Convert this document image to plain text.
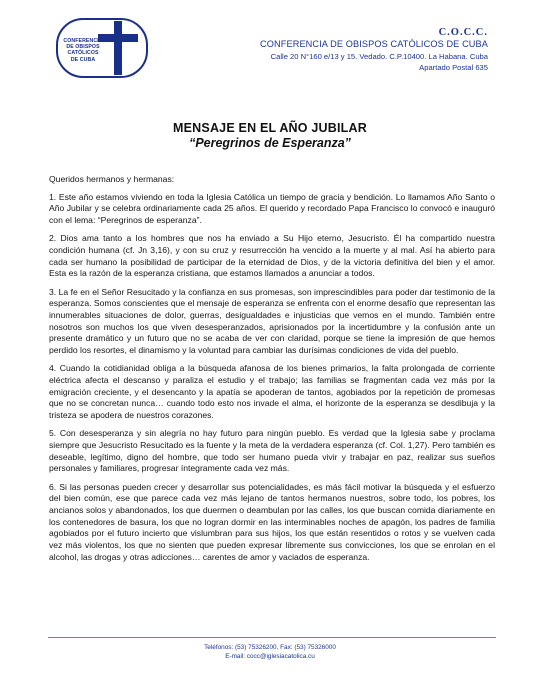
CONFERENCIA
DE OBISPOS
CATÓLICOS
DE CUBA
C.O.C.C.
CONFERENCIA DE OBISPOS CATÓLICOS DE CUBA
Calle 20 N°160 e/13 y 15. Vedado. C.P.10400. La Habana. Cuba
Apartado Postal 635
MENSAJE EN EL AÑO JUBILAR
“Peregrinos de Esperanza”

Queridos hermanos y hermanas:

1. Este año estamos viviendo en toda la Iglesia Católica un tiempo de gracia y bendición. Lo llamamos Año Santo o Año Jubilar y se celebra ordinariamente cada 25 años. El querido y recordado Papa Francisco lo convocó e inauguró con el lema: “Peregrinos de esperanza”.

2. Dios ama tanto a los hombres que nos ha enviado a Su Hijo eterno, Jesucristo. Él ha compartido nuestra condición humana (cf. Jn 3,16), y con su cruz y resurrección ha vencido a la muerte y al mal. Así ha abierto para cada ser humano la posibilidad de participar de la eternidad de Dios, y de la victoria definitiva del bien y el amor. Esta es la razón de la esperanza cristiana, que estamos llamados a anunciar a todos.

3. La fe en el Señor Resucitado y la confianza en sus promesas, son imprescindibles para poder dar testimonio de la esperanza. Somos conscientes que el mensaje de esperanza se enfrenta con el enorme desafío que representan las innumerables situaciones de dolor, guerras, desigualdades e injusticias que vemos en el mundo. También entre nosotros son muchos los que viven desesperanzados, aprisionados por la incertidumbre y la confusión ante un presente dramático y un futuro que no se acaba de ver con claridad, porque se tiene la impresión de que hemos perdido los resortes, el dinamismo y la voluntad para cambiar las durísimas condiciones de vida del pueblo.

4. Cuando la cotidianidad obliga a la búsqueda afanosa de los bienes primarios, la falta prolongada de corriente eléctrica afecta el descanso y paraliza el estudio y el trabajo; las familias se fragmentan cada vez más por la emigración creciente, y el desencanto y la apatía se apoderan de tantos, agobiados por la repetición de promesas que no se concretan nunca… cuando todo esto nos invade el alma, el horizonte de la esperanza se desdibuja y la tristeza se apodera de nuestros corazones.

5. Con desesperanza y sin alegría no hay futuro para ningún pueblo. Es verdad que la Iglesia sabe y proclama siempre que Jesucristo Resucitado es la fuente y la meta de la verdadera esperanza (cf. Col. 1,27). Pero también es deseable, legítimo, digno del hombre, que todo ser humano pueda vivir y trabajar en paz, realizar sus sueños personales y familiares, progresar íntegramente cada vez más.

6. Si las personas pueden crecer y desarrollar sus potencialidades, es más fácil motivar la búsqueda y el esfuerzo del bien común, ese que parece cada vez más lejano de tantos hermanos nuestros, sobre todo, los pobres, los ancianos solos y abandonados, los que duermen o deambulan por las calles, los que buscan comida diariamente en los contenedores de basura, los que no logran dormir en las interminables noches de apagón, los padres de familia agobiados por el futuro incierto que vislumbran para sus hijos, los que están resentidos o rotos y se vuelven cada vez más violentos, los que no sienten que pueden expresar libremente sus convicciones, los que se enrolan en el alcohol, las drogas y otras adicciones… carentes de amor y vaciados de esperanza.

Teléfonos: (53) 75326200, Fax: (53) 75326000
E-mail: cocc@iglesiacatolica.cu
